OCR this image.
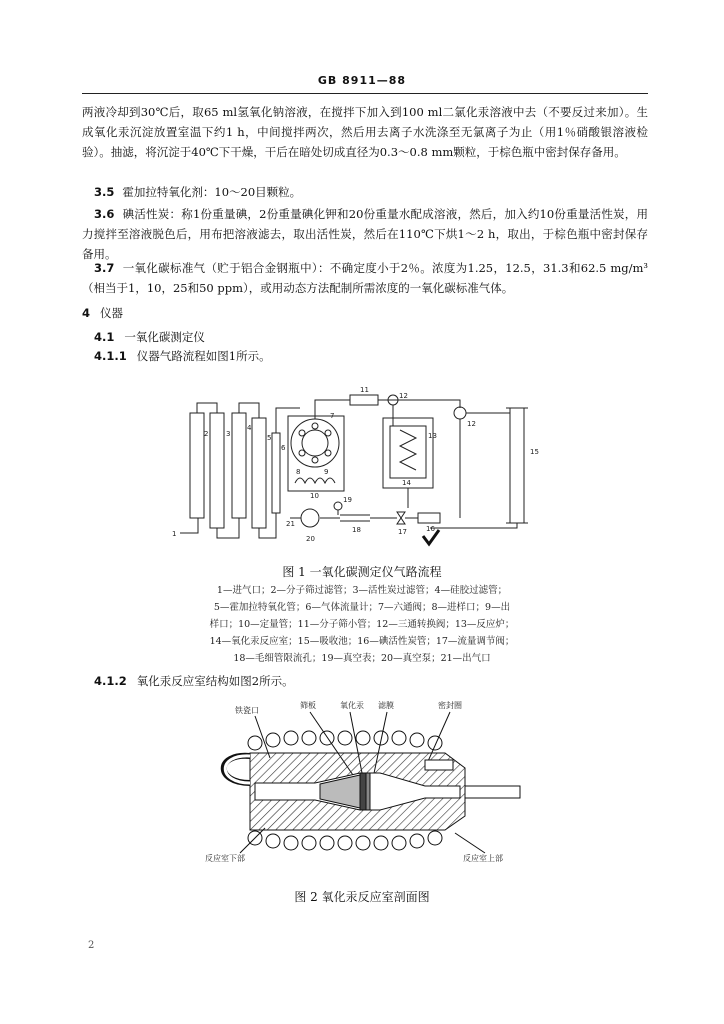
GB 8911—88
两液冷却到30℃后，取65 ml氢氧化钠溶液，在搅拌下加入到100 ml二氯化汞溶液中去（不要反过来加）。生成氧化汞沉淀放置室温下约1 h，中间搅拌两次，然后用去离子水洗涤至无氯离子为止（用1％硝酸银溶液检验）。抽滤，将沉淀于40℃下干燥，干后在暗处切成直径为0.3～0.8 mm颗粒，于棕色瓶中密封保存备用。
3.5 霍加拉特氧化剂：10～20目颗粒。
3.6 碘活性炭：称1份重量碘，2份重量碘化钾和20份重量水配成溶液，然后，加入约10份重量活性炭，用力搅拌至溶液脱色后，用布把溶液滤去，取出活性炭，然后在110℃下烘1～2 h，取出，于棕色瓶中密封保存备用。
3.7 一氧化碳标准气（贮于铝合金钢瓶中）：不确定度小于2％。浓度为1.25，12.5，31.3和62.5 mg/m³（相当于1，10，25和50 ppm），或用动态方法配制所需浓度的一氧化碳标准气体。
4 仪器
4.1 一氧化碳测定仪
4.1.1 仪器气路流程如图1所示。
1
2	3
4
5
6
7
8	9
10
11
12
12
13
14
15
16
17
18
19
20
21
图 1 一氧化碳测定仪气路流程
1—进气口；2—分子筛过滤管；3—活性炭过滤管；4—硅胶过滤管；
5—霍加拉特氧化管；6—气体流量计；7—六通阀；8—进样口；9—出
样口；10—定量管；11—分子筛小管；12—三通转换阀；13—反应炉；
14—氧化汞反应室；15—吸收池；16—碘活性炭管；17—流量调节阀；
18—毛细管限流孔；19—真空表；20—真空泵；21—出气口
4.1.2 氧化汞反应室结构如图2所示。
铁瓷口
筛板	氧化汞 滤膜	密封圈
反应室下部	反应室上部
图 2 氧化汞反应室剖面图
2
